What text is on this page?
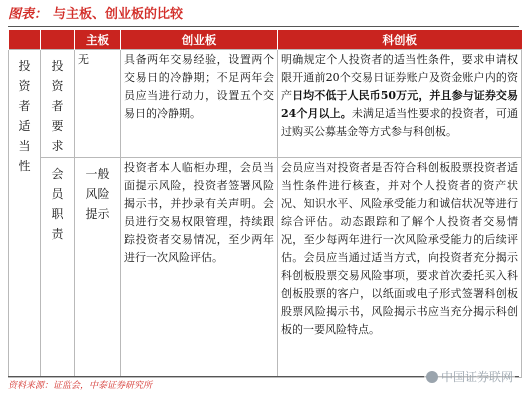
图表： 与主板、创业板的比较
		主板	创业板	科创板

投资者适当性	投资者要求	无	具备两年交易经验，设置两个交易日的冷静期；不足两年会员应当进行动力，设置五个交易日的冷静期。	明确规定个人投资者的适当性条件，要求申请权限开通前20个交易日证券账户及资金账户内的资产日均不低于人民币50万元，并且参与证券交易24个月以上。未满足适当性要求的投资者，可通过购买公募基金等方式参与科创板。

	会员职责	一般风险提示	投资者本人临柜办理，会员当面提示风险，投资者签署风险揭示书，并抄录有关声明。会员进行交易权限管理，持续跟踪投资者交易情况，至少两年进行一次风险评估。	会员应当对投资者是否符合科创板股票投资者适当性条件进行核查，并对个人投资者的资产状况、知识水平、风险承受能力和诚信状况等进行综合评估。动态跟踪和了解个人投资者交易情况，至少每两年进行一次风险承受能力的后续评估。会员应当通过适当方式，向投资者充分揭示科创板股票交易风险事项，要求首次委托买入科创板股票的客户，以纸面或电子形式签署科创板股票风险揭示书，风险揭示书应当充分揭示科创板的一要风险特点。
资料来源：证监会，中泰证券研究所
中国证券联网
